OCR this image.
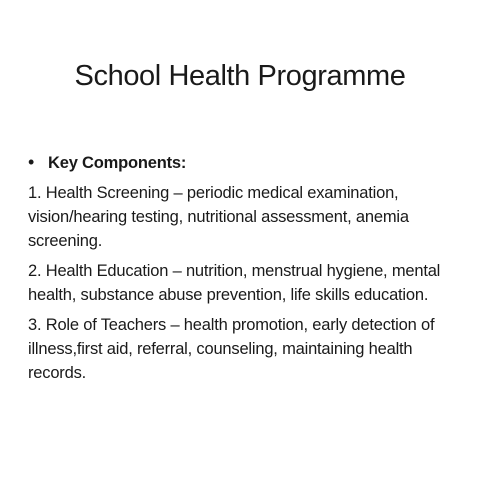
School Health Programme
• Key Components:
1. Health Screening – periodic medical examination,
vision/hearing testing, nutritional assessment, anemia
screening.
2. Health Education – nutrition, menstrual hygiene, mental
health, substance abuse prevention, life skills education.
3. Role of Teachers – health promotion, early detection of
illness,first aid, referral, counseling, maintaining health
records.
